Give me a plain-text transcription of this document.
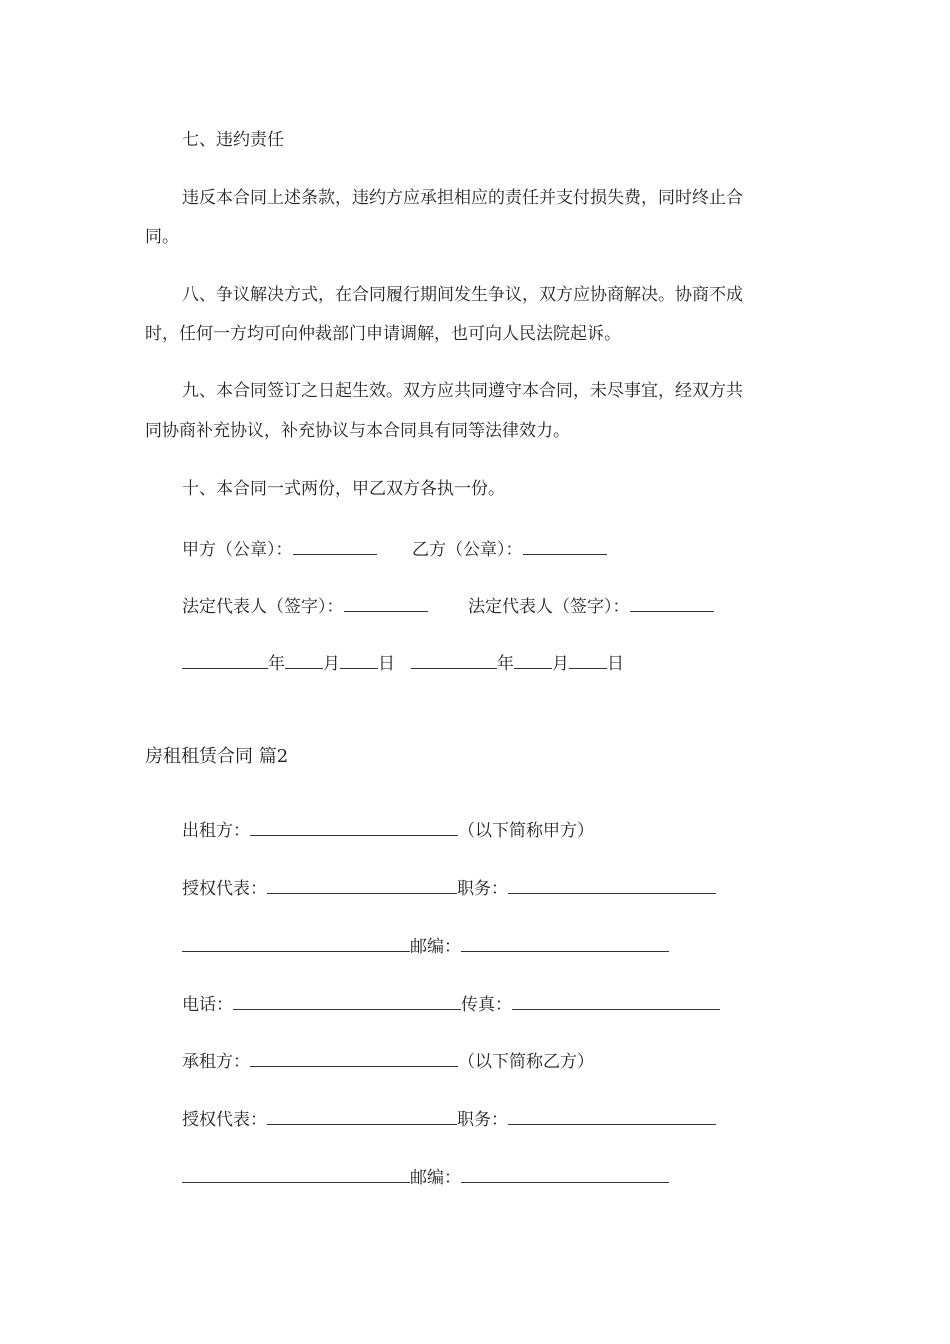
七、违约责任
违反本合同上述条款，违约方应承担相应的责任并支付损失费，同时终止合
同。
八、争议解决方式，在合同履行期间发生争议，双方应协商解决。协商不成
时，任何一方均可向仲裁部门申请调解，也可向人民法院起诉。
九、本合同签订之日起生效。双方应共同遵守本合同，未尽事宜，经双方共
同协商补充协议，补充协议与本合同具有同等法律效力。
十、本合同一式两份，甲乙双方各执一份。
甲方（公章）：	乙方（公章）：
法定代表人（签字）：	法定代表人（签字）：
年 月 日	年 月 日
房租租赁合同 篇2
出租方：	（以下简称甲方）
授权代表：	职务：
邮编：
电话：	传真：
承租方：	（以下简称乙方）
授权代表：	职务：
邮编：
